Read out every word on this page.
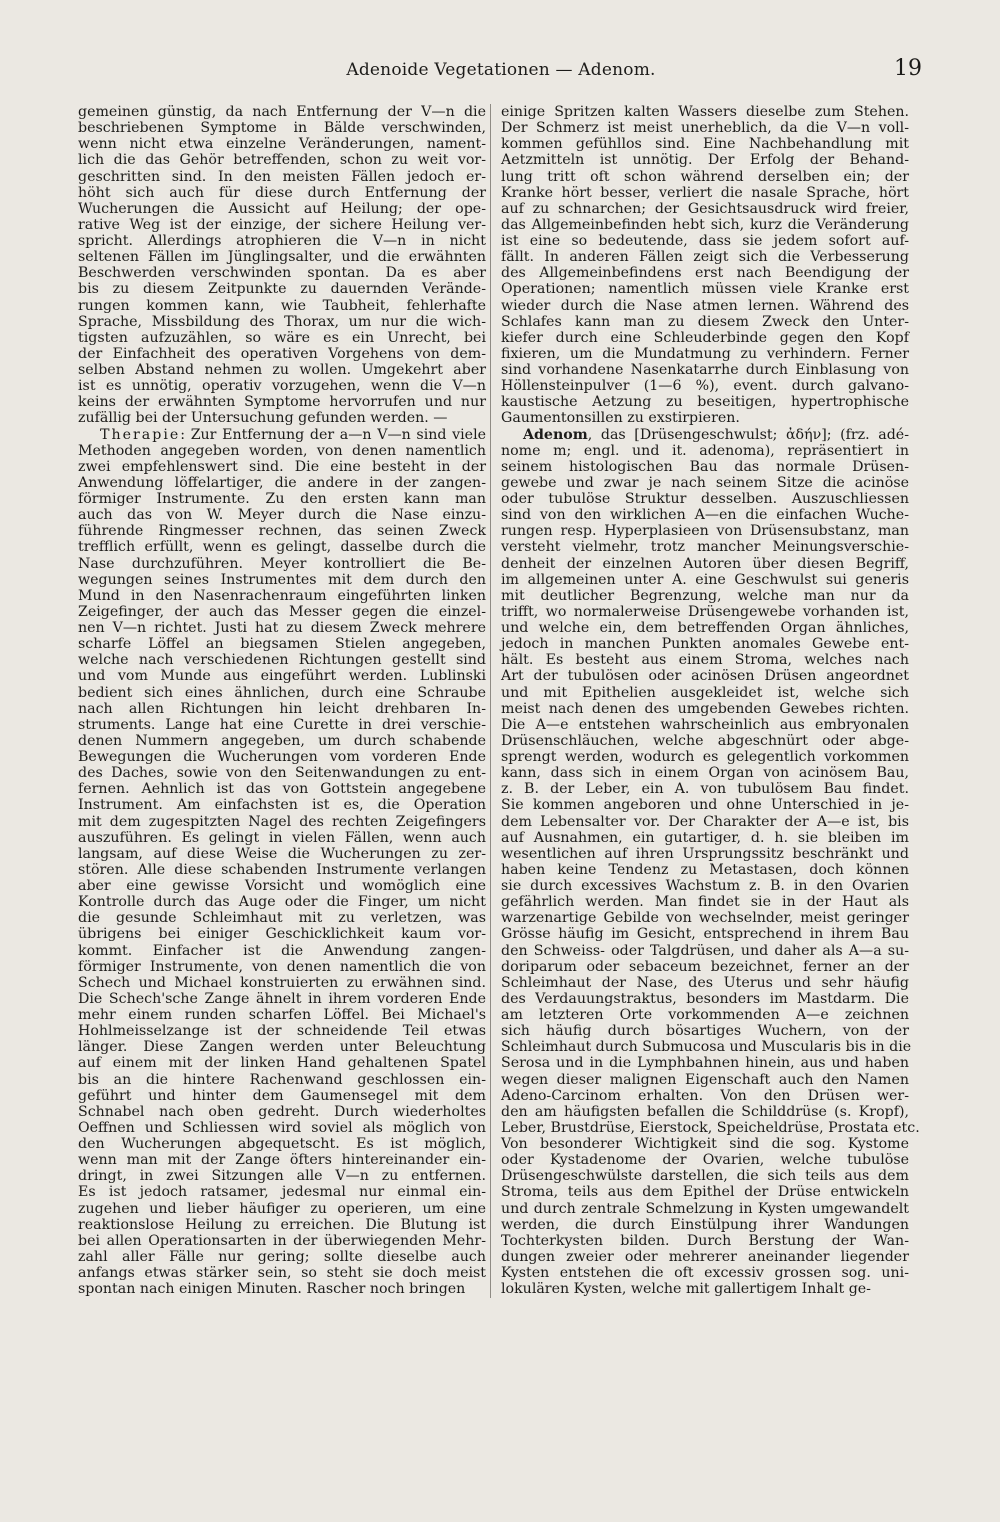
Adenoide Vegetationen — Adenom.	19
gemeinen günstig, da nach Entfernung der V—n die
beschriebenen Symptome in Bälde verschwinden,
wenn nicht etwa einzelne Veränderungen, nament-
lich die das Gehör betreffenden, schon zu weit vor-
geschritten sind. In den meisten Fällen jedoch er-
höht sich auch für diese durch Entfernung der
Wucherungen die Aussicht auf Heilung; der ope-
rative Weg ist der einzige, der sichere Heilung ver-
spricht. Allerdings atrophieren die V—n in nicht
seltenen Fällen im Jünglingsalter, und die erwähnten
Beschwerden verschwinden spontan. Da es aber
bis zu diesem Zeitpunkte zu dauernden Verände-
rungen kommen kann, wie Taubheit, fehlerhafte
Sprache, Missbildung des Thorax, um nur die wich-
tigsten aufzuzählen, so wäre es ein Unrecht, bei
der Einfachheit des operativen Vorgehens von dem-
selben Abstand nehmen zu wollen. Umgekehrt aber
ist es unnötig, operativ vorzugehen, wenn die V—n
keins der erwähnten Symptome hervorrufen und nur
zufällig bei der Untersuchung gefunden werden. —
Therapie: Zur Entfernung der a—n V—n sind viele
Methoden angegeben worden, von denen namentlich
zwei empfehlenswert sind. Die eine besteht in der
Anwendung löffelartiger, die andere in der zangen-
förmiger Instrumente. Zu den ersten kann man
auch das von W. Meyer durch die Nase einzu-
führende Ringmesser rechnen, das seinen Zweck
trefflich erfüllt, wenn es gelingt, dasselbe durch die
Nase durchzuführen. Meyer kontrolliert die Be-
wegungen seines Instrumentes mit dem durch den
Mund in den Nasenrachenraum eingeführten linken
Zeigefinger, der auch das Messer gegen die einzel-
nen V—n richtet. Justi hat zu diesem Zweck mehrere
scharfe Löffel an biegsamen Stielen angegeben,
welche nach verschiedenen Richtungen gestellt sind
und vom Munde aus eingeführt werden. Lublinski
bedient sich eines ähnlichen, durch eine Schraube
nach allen Richtungen hin leicht drehbaren In-
struments. Lange hat eine Curette in drei verschie-
denen Nummern angegeben, um durch schabende
Bewegungen die Wucherungen vom vorderen Ende
des Daches, sowie von den Seitenwandungen zu ent-
fernen. Aehnlich ist das von Gottstein angegebene
Instrument. Am einfachsten ist es, die Operation
mit dem zugespitzten Nagel des rechten Zeigefingers
auszuführen. Es gelingt in vielen Fällen, wenn auch
langsam, auf diese Weise die Wucherungen zu zer-
stören. Alle diese schabenden Instrumente verlangen
aber eine gewisse Vorsicht und womöglich eine
Kontrolle durch das Auge oder die Finger, um nicht
die gesunde Schleimhaut mit zu verletzen, was
übrigens bei einiger Geschicklichkeit kaum vor-
kommt. Einfacher ist die Anwendung zangen-
förmiger Instrumente, von denen namentlich die von
Schech und Michael konstruierten zu erwähnen sind.
Die Schech'sche Zange ähnelt in ihrem vorderen Ende
mehr einem runden scharfen Löffel. Bei Michael's
Hohlmeisselzange ist der schneidende Teil etwas
länger. Diese Zangen werden unter Beleuchtung
auf einem mit der linken Hand gehaltenen Spatel
bis an die hintere Rachenwand geschlossen ein-
geführt und hinter dem Gaumensegel mit dem
Schnabel nach oben gedreht. Durch wiederholtes
Oeffnen und Schliessen wird soviel als möglich von
den Wucherungen abgequetscht. Es ist möglich,
wenn man mit der Zange öfters hintereinander ein-
dringt, in zwei Sitzungen alle V—n zu entfernen.
Es ist jedoch ratsamer, jedesmal nur einmal ein-
zugehen und lieber häufiger zu operieren, um eine
reaktionslose Heilung zu erreichen. Die Blutung ist
bei allen Operationsarten in der überwiegenden Mehr-
zahl aller Fälle nur gering; sollte dieselbe auch
anfangs etwas stärker sein, so steht sie doch meist
spontan nach einigen Minuten. Rascher noch bringen
einige Spritzen kalten Wassers dieselbe zum Stehen.
Der Schmerz ist meist unerheblich, da die V—n voll-
kommen gefühllos sind. Eine Nachbehandlung mit
Aetzmitteln ist unnötig. Der Erfolg der Behand-
lung tritt oft schon während derselben ein; der
Kranke hört besser, verliert die nasale Sprache, hört
auf zu schnarchen; der Gesichtsausdruck wird freier,
das Allgemeinbefinden hebt sich, kurz die Veränderung
ist eine so bedeutende, dass sie jedem sofort auf-
fällt. In anderen Fällen zeigt sich die Verbesserung
des Allgemeinbefindens erst nach Beendigung der
Operationen; namentlich müssen viele Kranke erst
wieder durch die Nase atmen lernen. Während des
Schlafes kann man zu diesem Zweck den Unter-
kiefer durch eine Schleuderbinde gegen den Kopf
fixieren, um die Mundatmung zu verhindern. Ferner
sind vorhandene Nasenkatarrhe durch Einblasung von
Höllensteinpulver (1—6 %), event. durch galvano-
kaustische Aetzung zu beseitigen, hypertrophische
Gaumentonsillen zu exstirpieren.
Adenom, das [Drüsengeschwulst; ἀδήν]; (frz. adé-
nome m; engl. und it. adenoma), repräsentiert in
seinem histologischen Bau das normale Drüsen-
gewebe und zwar je nach seinem Sitze die acinöse
oder tubulöse Struktur desselben. Auszuschliessen
sind von den wirklichen A—en die einfachen Wuche-
rungen resp. Hyperplasieen von Drüsensubstanz, man
versteht vielmehr, trotz mancher Meinungsverschie-
denheit der einzelnen Autoren über diesen Begriff,
im allgemeinen unter A. eine Geschwulst sui generis
mit deutlicher Begrenzung, welche man nur da
trifft, wo normalerweise Drüsengewebe vorhanden ist,
und welche ein, dem betreffenden Organ ähnliches,
jedoch in manchen Punkten anomales Gewebe ent-
hält. Es besteht aus einem Stroma, welches nach
Art der tubulösen oder acinösen Drüsen angeordnet
und mit Epithelien ausgekleidet ist, welche sich
meist nach denen des umgebenden Gewebes richten.
Die A—e entstehen wahrscheinlich aus embryonalen
Drüsenschläuchen, welche abgeschnürt oder abge-
sprengt werden, wodurch es gelegentlich vorkommen
kann, dass sich in einem Organ von acinösem Bau,
z. B. der Leber, ein A. von tubulösem Bau findet.
Sie kommen angeboren und ohne Unterschied in je-
dem Lebensalter vor. Der Charakter der A—e ist, bis
auf Ausnahmen, ein gutartiger, d. h. sie bleiben im
wesentlichen auf ihren Ursprungssitz beschränkt und
haben keine Tendenz zu Metastasen, doch können
sie durch excessives Wachstum z. B. in den Ovarien
gefährlich werden. Man findet sie in der Haut als
warzenartige Gebilde von wechselnder, meist geringer
Grösse häufig im Gesicht, entsprechend in ihrem Bau
den Schweiss- oder Talgdrüsen, und daher als A—a su-
doriparum oder sebaceum bezeichnet, ferner an der
Schleimhaut der Nase, des Uterus und sehr häufig
des Verdauungstraktus, besonders im Mastdarm. Die
am letzteren Orte vorkommenden A—e zeichnen
sich häufig durch bösartiges Wuchern, von der
Schleimhaut durch Submucosa und Muscularis bis in die
Serosa und in die Lymphbahnen hinein, aus und haben
wegen dieser malignen Eigenschaft auch den Namen
Adeno-Carcinom erhalten. Von den Drüsen wer-
den am häufigsten befallen die Schilddrüse (s. Kropf),
Leber, Brustdrüse, Eierstock, Speicheldrüse, Prostata etc.
Von besonderer Wichtigkeit sind die sog. Kystome
oder Kystadenome der Ovarien, welche tubulöse
Drüsengeschwülste darstellen, die sich teils aus dem
Stroma, teils aus dem Epithel der Drüse entwickeln
und durch zentrale Schmelzung in Kysten umgewandelt
werden, die durch Einstülpung ihrer Wandungen
Tochterkysten bilden. Durch Berstung der Wan-
dungen zweier oder mehrerer aneinander liegender
Kysten entstehen die oft excessiv grossen sog. uni-
lokulären Kysten, welche mit gallertigem Inhalt ge-
